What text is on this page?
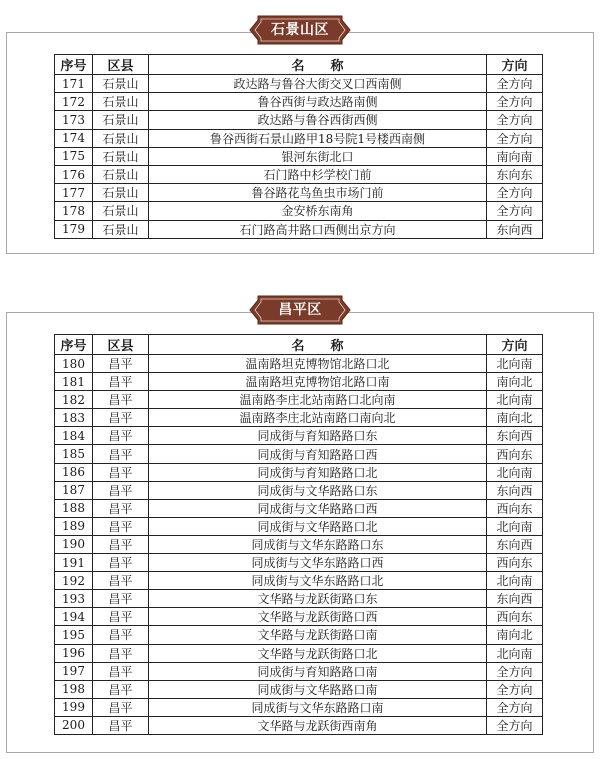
石景山区
序号	区县	名　　称	方向
171	石景山	政达路与鲁谷大街交叉口西南侧	全方向
172	石景山	鲁谷西街与政达路南侧	全方向
173	石景山	政达路与鲁谷西街西侧	全方向
174	石景山	鲁谷西街石景山路甲18号院1号楼西南侧	全方向
175	石景山	银河东街北口	南向南
176	石景山	石门路中杉学校门前	东向东
177	石景山	鲁谷路花鸟鱼虫市场门前	全方向
178	石景山	金安桥东南角	全方向
179	石景山	石门路高井路口西侧出京方向	东向西
昌平区
序号	区县	名　　称	方向
180	昌平	温南路坦克博物馆北路口北	北向南
181	昌平	温南路坦克博物馆北路口南	南向北
182	昌平	温南路李庄北站南路口北向南	北向南
183	昌平	温南路李庄北站南路口南向北	南向北
184	昌平	同成街与育知路路口东	东向西
185	昌平	同成街与育知路路口西	西向东
186	昌平	同成街与育知路路口北	北向南
187	昌平	同成街与文华路路口东	东向西
188	昌平	同成街与文华路路口西	西向东
189	昌平	同成街与文华路路口北	北向南
190	昌平	同成街与文华东路路口东	东向西
191	昌平	同成街与文华东路路口西	西向东
192	昌平	同成街与文华东路路口北	北向南
193	昌平	文华路与龙跃街路口东	东向西
194	昌平	文华路与龙跃街路口西	西向东
195	昌平	文华路与龙跃街路口南	南向北
196	昌平	文华路与龙跃街路口北	北向南
197	昌平	同成街与育知路路口南	全方向
198	昌平	同成街与文华路路口南	全方向
199	昌平	同成街与文华东路路口南	全方向
200	昌平	文华路与龙跃街西南角	全方向
